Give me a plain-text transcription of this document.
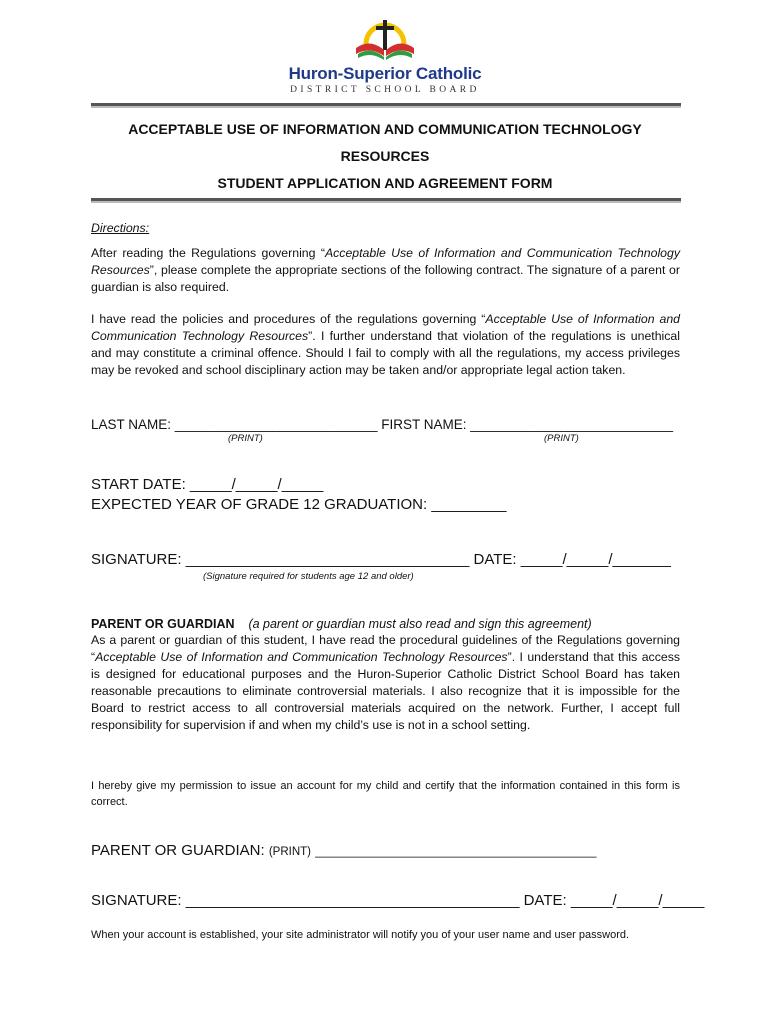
Huron-Superior Catholic
DISTRICT SCHOOL BOARD
ACCEPTABLE USE OF INFORMATION AND COMMUNICATION TECHNOLOGY
RESOURCES
STUDENT APPLICATION AND AGREEMENT FORM
Directions:
After reading the Regulations governing “Acceptable Use of Information and Communication Technology Resources”, please complete the appropriate sections of the following contract. The signature of a parent or guardian is also required.
I have read the policies and procedures of the regulations governing “Acceptable Use of Information and Communication Technology Resources”. I further understand that violation of the regulations is unethical and may constitute a criminal offence. Should I fail to comply with all the regulations, my access privileges may be revoked and school disciplinary action may be taken and/or appropriate legal action taken.
LAST NAME: ___________________________ FIRST NAME: ___________________________
(PRINT)	(PRINT)
START DATE: _____/_____/_____
EXPECTED YEAR OF GRADE 12 GRADUATION: _________
SIGNATURE: __________________________________ DATE: _____/_____/_______
(Signature required for students age 12 and older)
PARENT OR GUARDIAN (a parent or guardian must also read and sign this agreement)
As a parent or guardian of this student, I have read the procedural guidelines of the Regulations governing “Acceptable Use of Information and Communication Technology Resources”. I understand that this access is designed for educational purposes and the Huron-Superior Catholic District School Board has taken reasonable precautions to eliminate controversial materials. I also recognize that it is impossible for the Board to restrict access to all controversial materials acquired on the network. Further, I accept full responsibility for supervision if and when my child’s use is not in a school setting.
I hereby give my permission to issue an account for my child and certify that the information contained in this form is correct.
PARENT OR GUARDIAN: (PRINT) ____________________________________________
SIGNATURE: ________________________________________ DATE: _____/_____/_____
When your account is established, your site administrator will notify you of your user name and user password.
